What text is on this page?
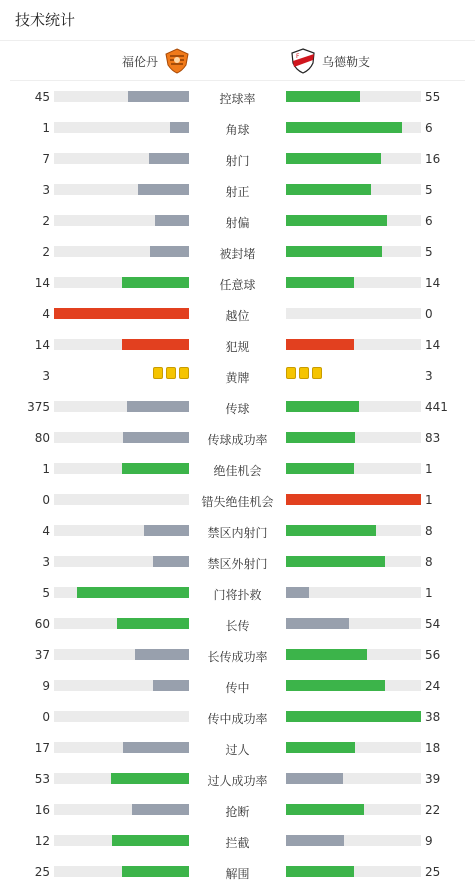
技术统计
福伦丹	F 乌德勒支
45	控球率	55
1	角球	6
7	射门	16
3	射正	5
2	射偏	6
2	被封堵	5
14	任意球	14
4	越位	0
14	犯规	14
3	黄牌	3
375	传球	441
80	传球成功率	83
1	绝佳机会	1
0	错失绝佳机会	1
4	禁区内射门	8
3	禁区外射门	8
5	门将扑救	1
60	长传	54
37	长传成功率	56
9	传中	24
0	传中成功率	38
17	过人	18
53	过人成功率	39
16	抢断	22
12	拦截	9
25	解围	25
